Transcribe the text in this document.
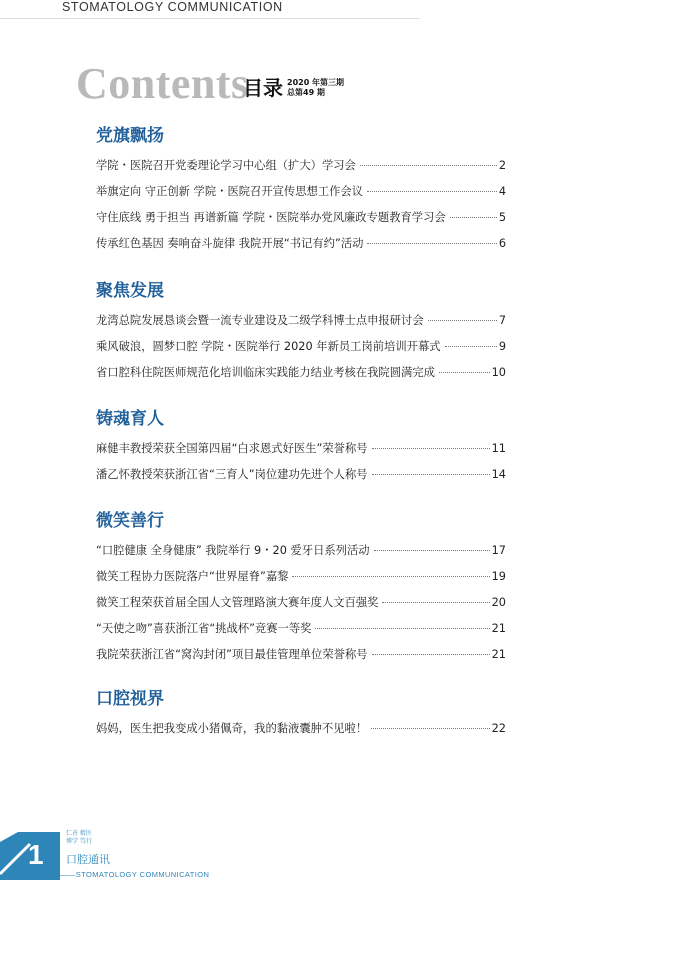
STOMATOLOGY COMMUNICATION
Contents
目录 2020 年第三期
总第49 期
党旗飘扬
学院・医院召开党委理论学习中心组（扩大）学习会	2
举旗定向 守正创新 学院・医院召开宣传思想工作会议	4
守住底线 勇于担当 再谱新篇 学院・医院举办党风廉政专题教育学习会	5
传承红色基因 奏响奋斗旋律 我院开展“书记有约”活动	6
聚焦发展
龙湾总院发展恳谈会暨一流专业建设及二级学科博士点申报研讨会	7
乘风破浪，圆梦口腔 学院・医院举行 2020 年新员工岗前培训开幕式	9
省口腔科住院医师规范化培训临床实践能力结业考核在我院圆满完成	10
铸魂育人
麻健丰教授荣获全国第四届“白求恩式好医生”荣誉称号	11
潘乙怀教授荣获浙江省“三育人”岗位建功先进个人称号	14
微笑善行
“口腔健康 全身健康” 我院举行 9・20 爱牙日系列活动	17
微笑工程协力医院落户“世界屋脊”嘉黎	19
微笑工程荣获首届全国人文管理路演大赛年度人文百强奖	20
“天使之吻”喜获浙江省“挑战杯”竞赛一等奖	21
我院荣获浙江省“窝沟封闭”项目最佳管理单位荣誉称号	21
口腔视界
妈妈，医生把我变成小猪佩奇，我的黏液囊肿不见啦！	22
1
仁善 精医
博学 笃行
口腔通讯
——STOMATOLOGY COMMUNICATION
